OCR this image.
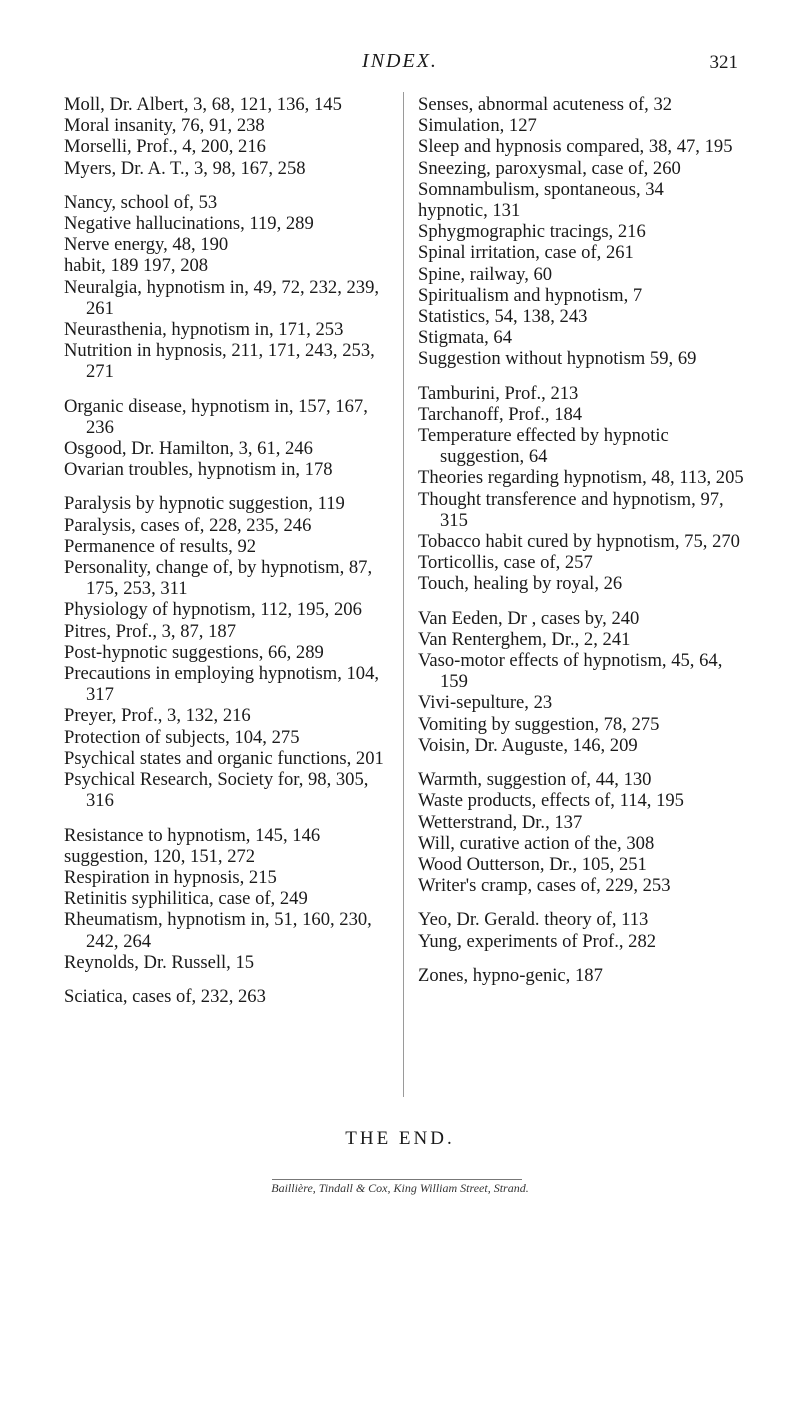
INDEX.	321

Moll, Dr. Albert, 3, 68, 121, 136, 145

Moral insanity, 76, 91, 238

Morselli, Prof., 4, 200, 216

Myers, Dr. A. T., 3, 98, 167, 258

Nancy, school of, 53

Negative hallucinations, 119, 289

Nerve energy, 48, 190

habit, 189 197, 208

Neuralgia, hypnotism in, 49, 72, 232, 239, 261

Neurasthenia, hypnotism in, 171, 253

Nutrition in hypnosis, 211, 171, 243, 253, 271

Organic disease, hypnotism in, 157, 167, 236

Osgood, Dr. Hamilton, 3, 61, 246

Ovarian troubles, hypnotism in, 178

Paralysis by hypnotic suggestion, 119

Paralysis, cases of, 228, 235, 246

Permanence of results, 92

Personality, change of, by hypnotism, 87, 175, 253, 311

Physiology of hypnotism, 112, 195, 206

Pitres, Prof., 3, 87, 187

Post-hypnotic suggestions, 66, 289

Precautions in employing hypnotism, 104, 317

Preyer, Prof., 3, 132, 216

Protection of subjects, 104, 275

Psychical states and organic functions, 201

Psychical Research, Society for, 98, 305, 316

Resistance to hypnotism, 145, 146

suggestion, 120, 151, 272

Respiration in hypnosis, 215

Retinitis syphilitica, case of, 249

Rheumatism, hypnotism in, 51, 160, 230, 242, 264

Reynolds, Dr. Russell, 15

Sciatica, cases of, 232, 263

Senses, abnormal acuteness of, 32

Simulation, 127

Sleep and hypnosis compared, 38, 47, 195

Sneezing, paroxysmal, case of, 260

Somnambulism, spontaneous, 34

hypnotic, 131

Sphygmographic tracings, 216

Spinal irritation, case of, 261

Spine, railway, 60

Spiritualism and hypnotism, 7

Statistics, 54, 138, 243

Stigmata, 64

Suggestion without hypnotism 59, 69

Tamburini, Prof., 213

Tarchanoff, Prof., 184

Temperature effected by hypnotic suggestion, 64

Theories regarding hypnotism, 48, 113, 205

Thought transference and hypnotism, 97, 315

Tobacco habit cured by hypnotism, 75, 270

Torticollis, case of, 257

Touch, healing by royal, 26

Van Eeden, Dr , cases by, 240

Van Renterghem, Dr., 2, 241

Vaso-motor effects of hypnotism, 45, 64, 159

Vivi-sepulture, 23

Vomiting by suggestion, 78, 275

Voisin, Dr. Auguste, 146, 209

Warmth, suggestion of, 44, 130

Waste products, effects of, 114, 195

Wetterstrand, Dr., 137

Will, curative action of the, 308

Wood Outterson, Dr., 105, 251

Writer's cramp, cases of, 229, 253

Yeo, Dr. Gerald. theory of, 113

Yung, experiments of Prof., 282

Zones, hypno-genic, 187

THE END.
Baillière, Tindall & Cox, King William Street, Strand.
